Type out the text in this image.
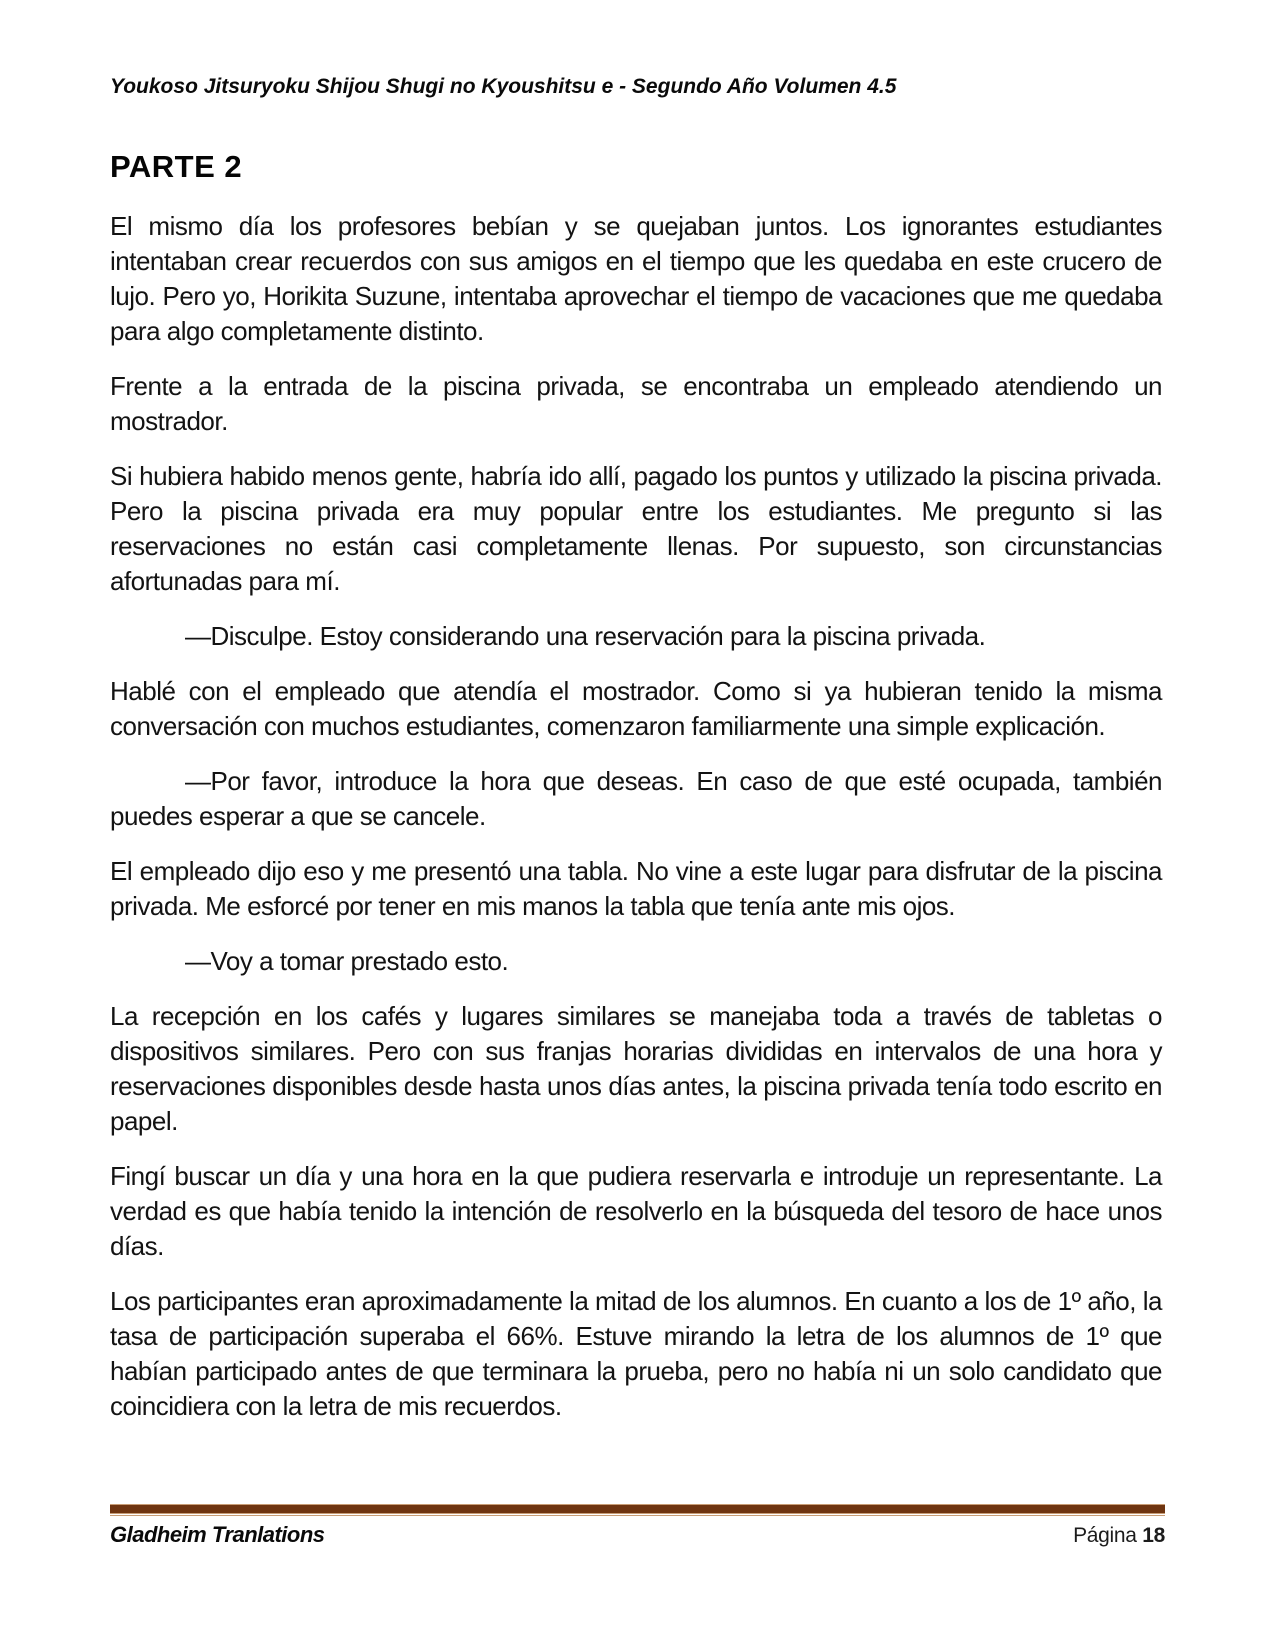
Youkoso Jitsuryoku Shijou Shugi no Kyoushitsu e - Segundo Año Volumen 4.5
PARTE 2
El mismo día los profesores bebían y se quejaban juntos. Los ignorantes estudiantes intentaban crear recuerdos con sus amigos en el tiempo que les quedaba en este crucero de lujo. Pero yo, Horikita Suzune, intentaba aprovechar el tiempo de vacaciones que me quedaba para algo completamente distinto.
Frente a la entrada de la piscina privada, se encontraba un empleado atendiendo un mostrador.
Si hubiera habido menos gente, habría ido allí, pagado los puntos y utilizado la piscina privada. Pero la piscina privada era muy popular entre los estudiantes. Me pregunto si las reservaciones no están casi completamente llenas. Por supuesto, son circunstancias afortunadas para mí.
—Disculpe. Estoy considerando una reservación para la piscina privada.
Hablé con el empleado que atendía el mostrador. Como si ya hubieran tenido la misma conversación con muchos estudiantes, comenzaron familiarmente una simple explicación.
—Por favor, introduce la hora que deseas. En caso de que esté ocupada, también puedes esperar a que se cancele.
El empleado dijo eso y me presentó una tabla. No vine a este lugar para disfrutar de la piscina privada. Me esforcé por tener en mis manos la tabla que tenía ante mis ojos.
—Voy a tomar prestado esto.
La recepción en los cafés y lugares similares se manejaba toda a través de tabletas o dispositivos similares. Pero con sus franjas horarias divididas en intervalos de una hora y reservaciones disponibles desde hasta unos días antes, la piscina privada tenía todo escrito en papel.
Fingí buscar un día y una hora en la que pudiera reservarla e introduje un representante. La verdad es que había tenido la intención de resolverlo en la búsqueda del tesoro de hace unos días.
Los participantes eran aproximadamente la mitad de los alumnos. En cuanto a los de 1º año, la tasa de participación superaba el 66%. Estuve mirando la letra de los alumnos de 1º que habían participado antes de que terminara la prueba, pero no había ni un solo candidato que coincidiera con la letra de mis recuerdos.
Gladheim Tranlations	Página 18
